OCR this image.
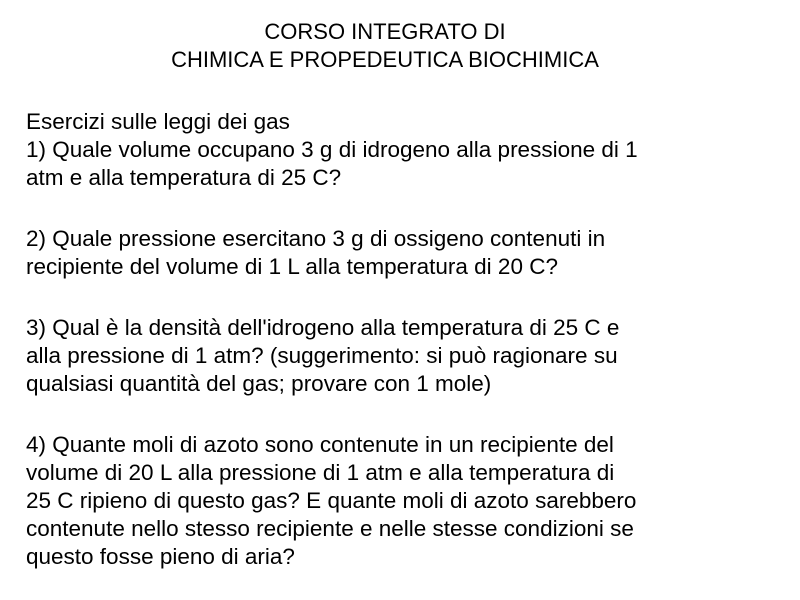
CORSO INTEGRATO DI
CHIMICA E PROPEDEUTICA BIOCHIMICA
Esercizi sulle leggi dei gas
1) Quale volume occupano 3 g di idrogeno alla pressione di 1
atm e alla temperatura di 25 C?
2) Quale pressione esercitano 3 g di ossigeno contenuti in
recipiente del volume di 1 L alla temperatura di 20 C?
3) Qual è la densità dell'idrogeno alla temperatura di 25 C e
alla pressione di 1 atm? (suggerimento: si può ragionare su
qualsiasi quantità del gas; provare con 1 mole)
4) Quante moli di azoto sono contenute in un recipiente del
volume di 20 L alla pressione di 1 atm e alla temperatura di
25 C ripieno di questo gas? E quante moli di azoto sarebbero
contenute nello stesso recipiente e nelle stesse condizioni se
questo fosse pieno di aria?
